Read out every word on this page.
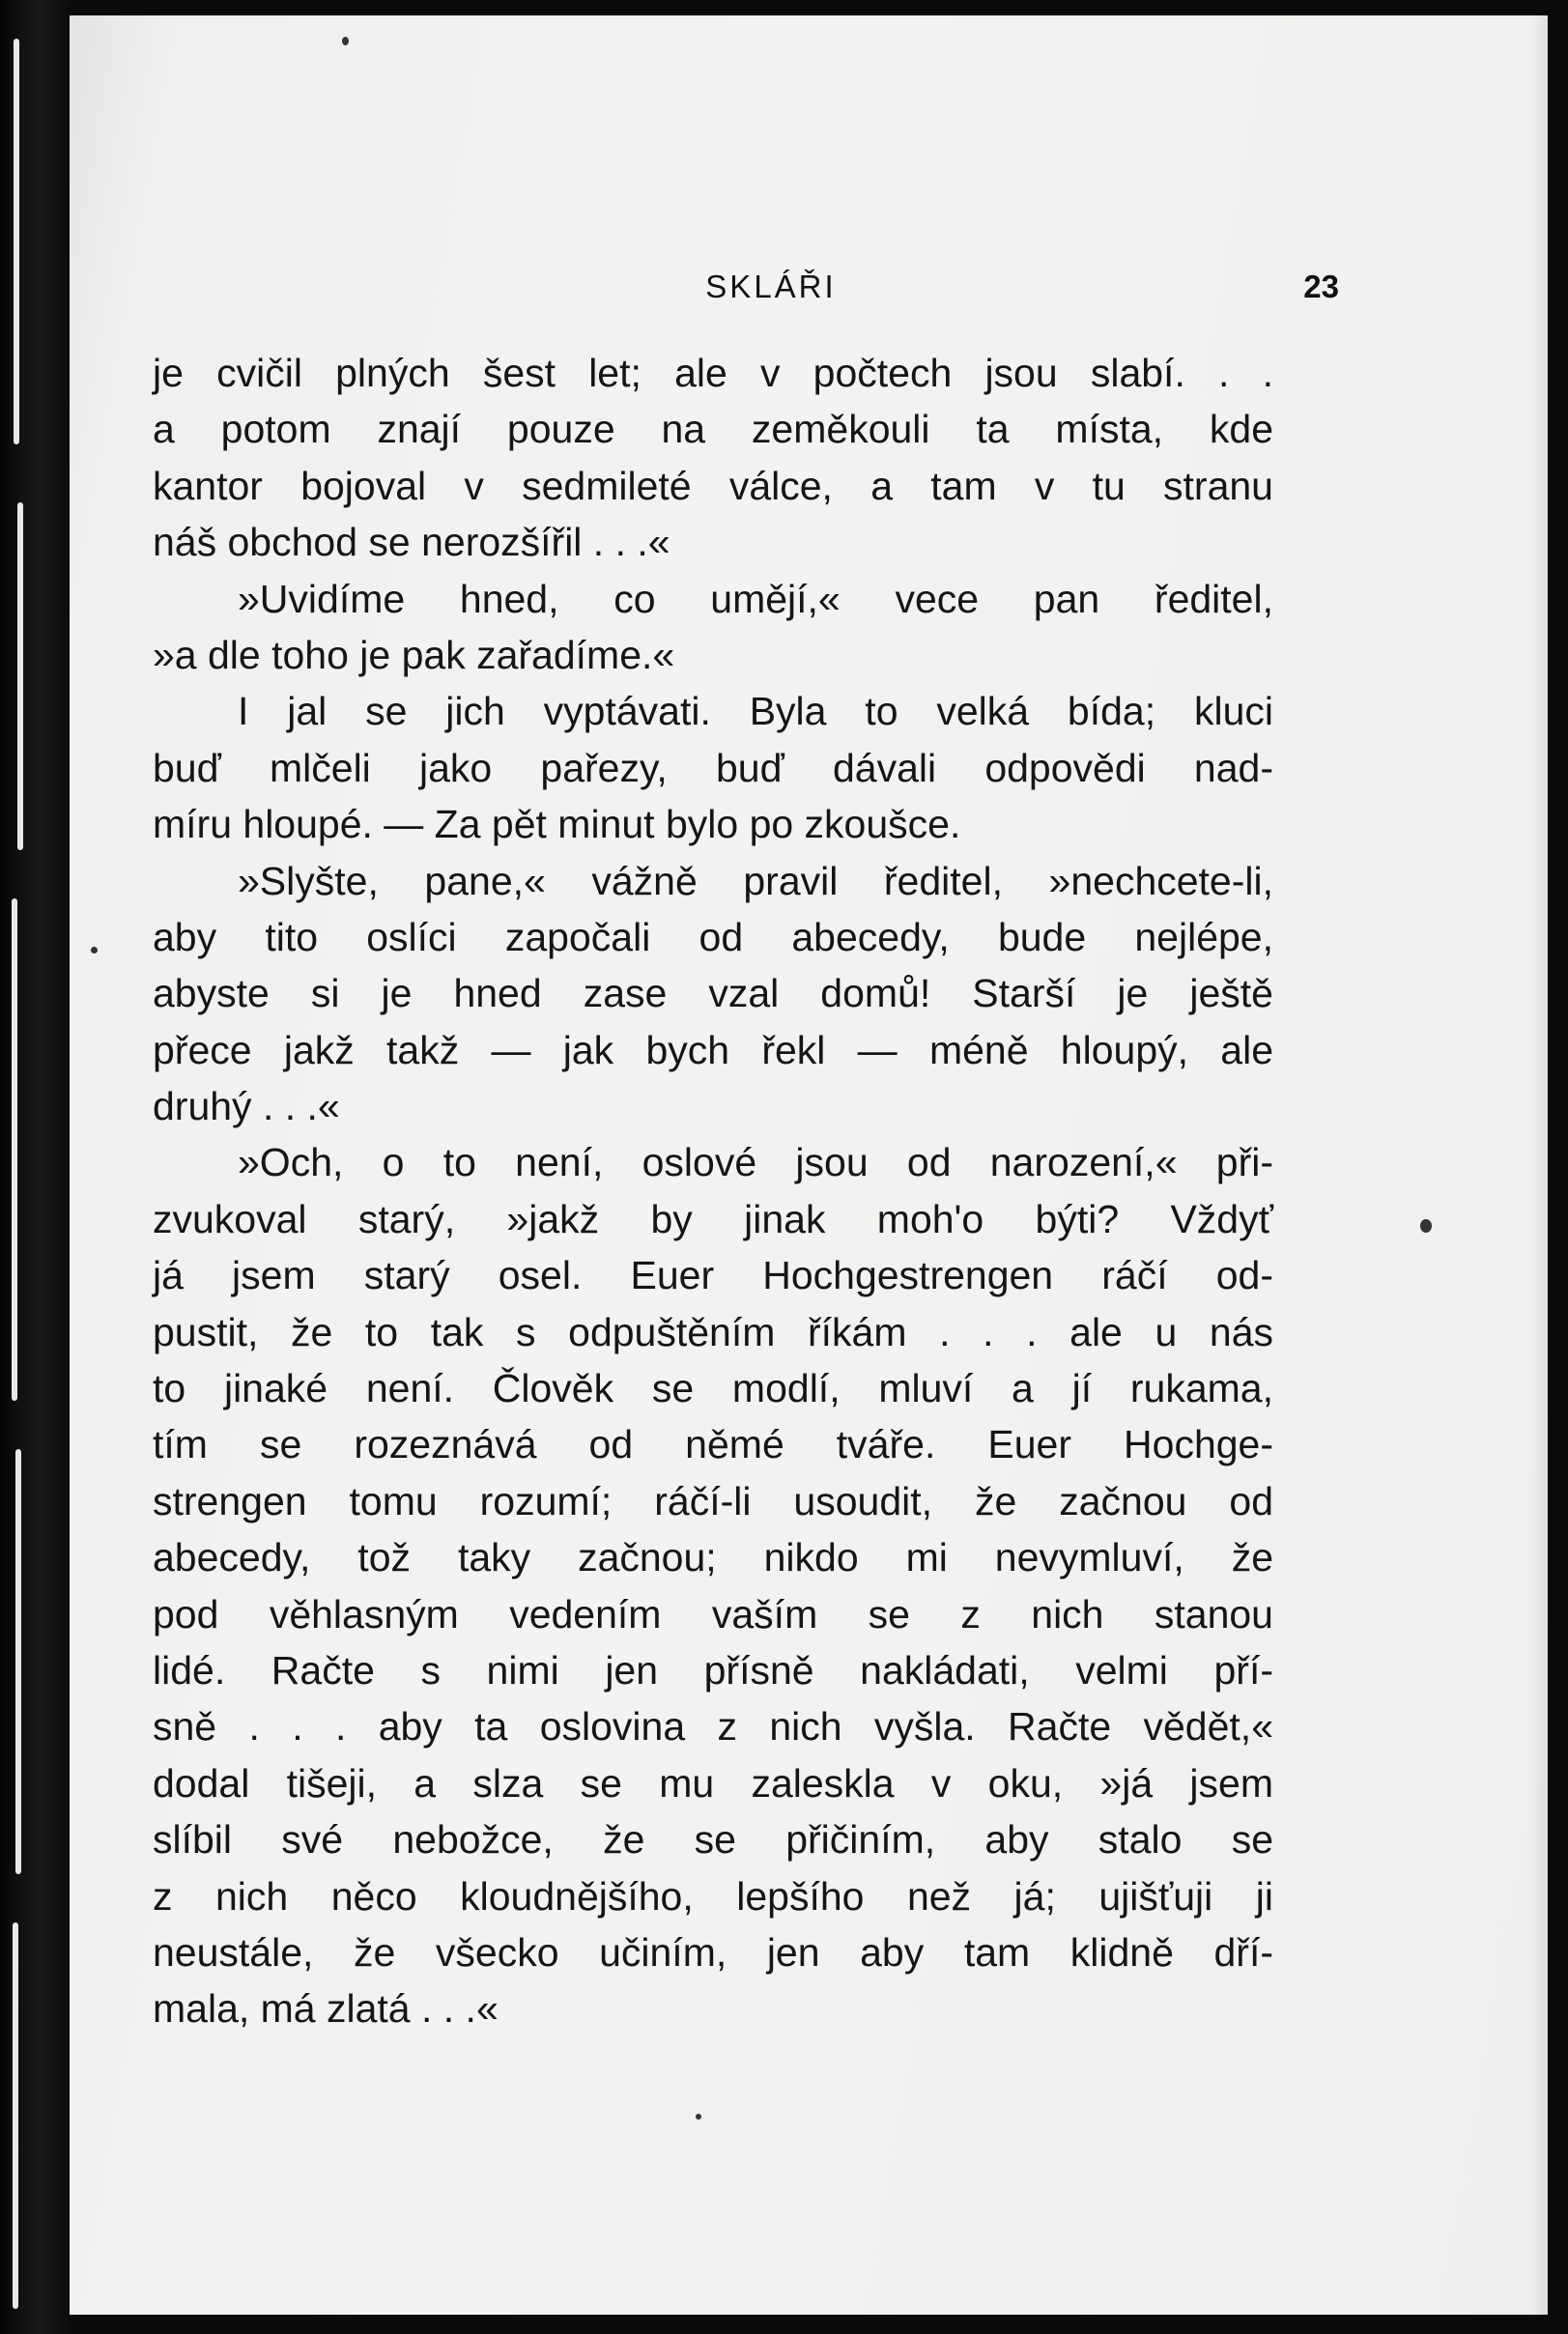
SKLÁŘI	23
je cvičil plných šest let; ale v počtech jsou slabí. . .
a potom znají pouze na zeměkouli ta místa, kde
kantor bojoval v sedmileté válce, a tam v tu stranu
náš obchod se nerozšířil . . .«
»Uvidíme hned, co umějí,« vece pan ředitel,
»a dle toho je pak zařadíme.«
I jal se jich vyptávati. Byla to velká bída; kluci
buď mlčeli jako pařezy, buď dávali odpovědi nad-
míru hloupé. — Za pět minut bylo po zkoušce.
»Slyšte, pane,« vážně pravil ředitel, »nechcete-li,
aby tito oslíci započali od abecedy, bude nejlépe,
abyste si je hned zase vzal domů! Starší je ještě
přece jakž takž — jak bych řekl — méně hloupý, ale
druhý . . .«
»Och, o to není, oslové jsou od narození,« při-
zvukoval starý, »jakž by jinak moh'o býti? Vždyť
já jsem starý osel. Euer Hochgestrengen ráčí od-
pustit, že to tak s odpuštěním říkám . . . ale u nás
to jinaké není. Člověk se modlí, mluví a jí rukama,
tím se rozeznává od němé tváře. Euer Hochge-
strengen tomu rozumí; ráčí-li usoudit, že začnou od
abecedy, tož taky začnou; nikdo mi nevymluví, že
pod věhlasným vedením vaším se z nich stanou
lidé. Račte s nimi jen přísně nakládati, velmi pří-
sně . . . aby ta oslovina z nich vyšla. Račte vědět,«
dodal tišeji, a slza se mu zaleskla v oku, »já jsem
slíbil své nebožce, že se přičiním, aby stalo se
z nich něco kloudnějšího, lepšího než já; ujišťuji ji
neustále, že všecko učiním, jen aby tam klidně dří-
mala, má zlatá . . .«
